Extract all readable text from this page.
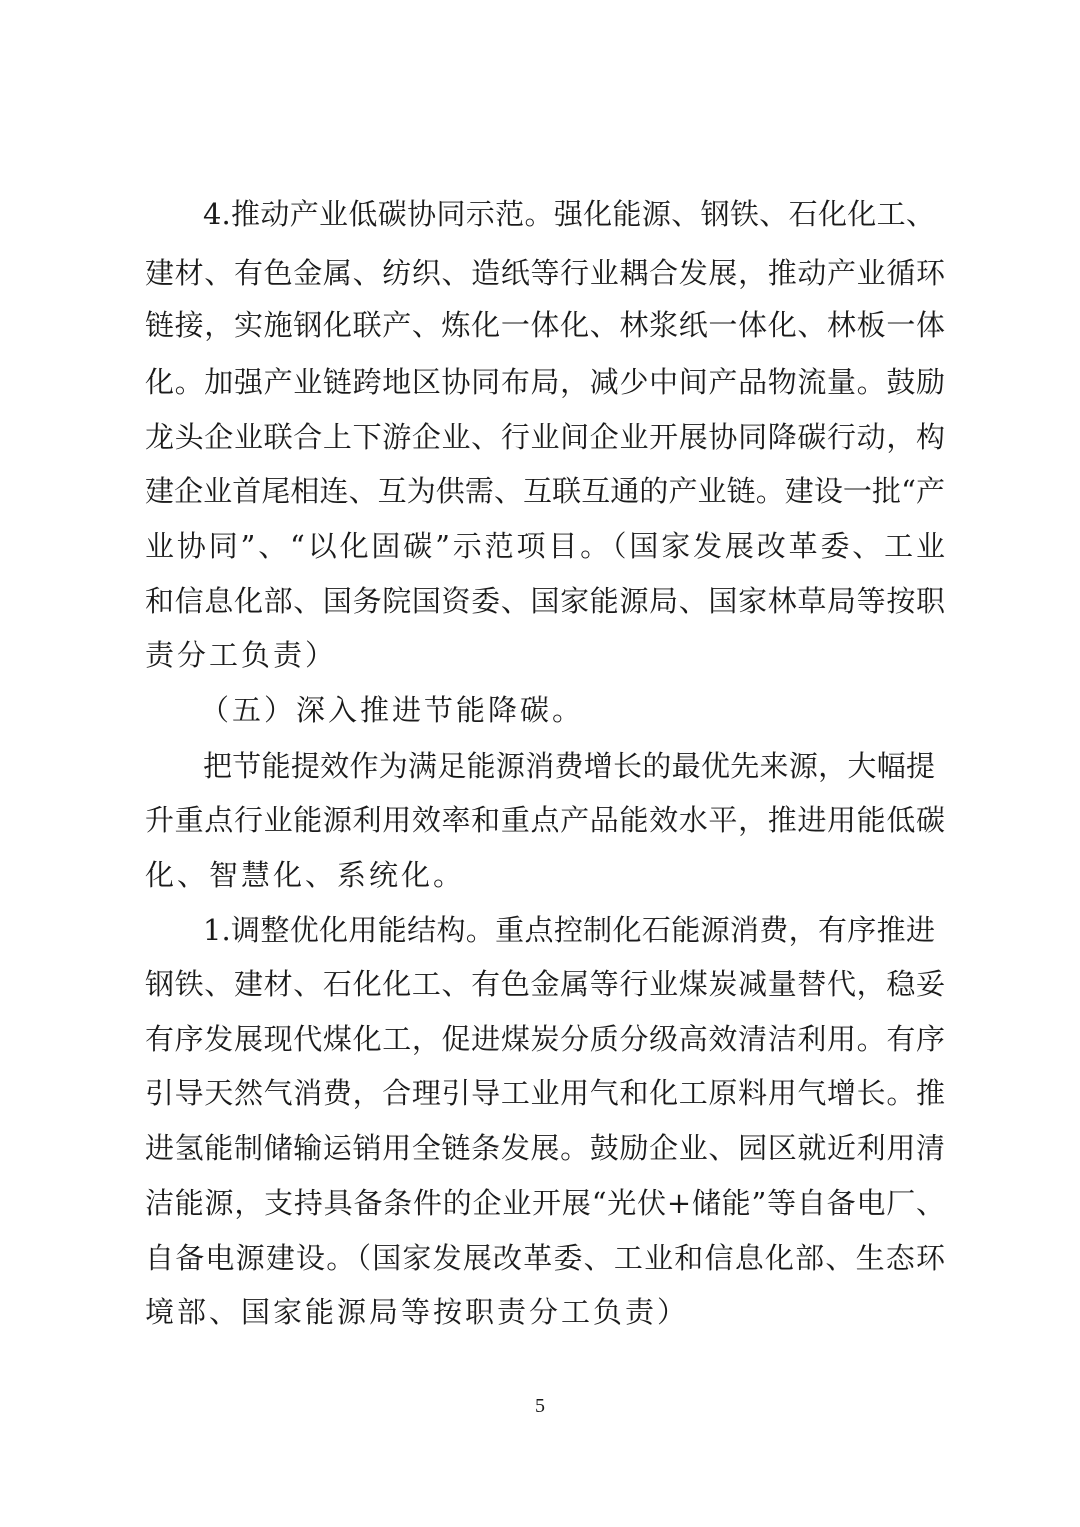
4.推动产业低碳协同示范。强化能源、钢铁、石化化工、
建材、有色金属、纺织、造纸等行业耦合发展，推动产业循环
链接，实施钢化联产、炼化一体化、林浆纸一体化、林板一体
化。加强产业链跨地区协同布局，减少中间产品物流量。鼓励
龙头企业联合上下游企业、行业间企业开展协同降碳行动，构
建企业首尾相连、互为供需、互联互通的产业链。建设一批“产
业协同”、“以化固碳”示范项目。（国家发展改革委、工业
和信息化部、国务院国资委、国家能源局、国家林草局等按职
责分工负责）
（五）深入推进节能降碳。
把节能提效作为满足能源消费增长的最优先来源，大幅提
升重点行业能源利用效率和重点产品能效水平，推进用能低碳
化、智慧化、系统化。
1.调整优化用能结构。重点控制化石能源消费，有序推进
钢铁、建材、石化化工、有色金属等行业煤炭减量替代，稳妥
有序发展现代煤化工，促进煤炭分质分级高效清洁利用。有序
引导天然气消费，合理引导工业用气和化工原料用气增长。推
进氢能制储输运销用全链条发展。鼓励企业、园区就近利用清
洁能源，支持具备条件的企业开展“光伏+储能”等自备电厂、
自备电源建设。（国家发展改革委、工业和信息化部、生态环
境部、国家能源局等按职责分工负责）
5
